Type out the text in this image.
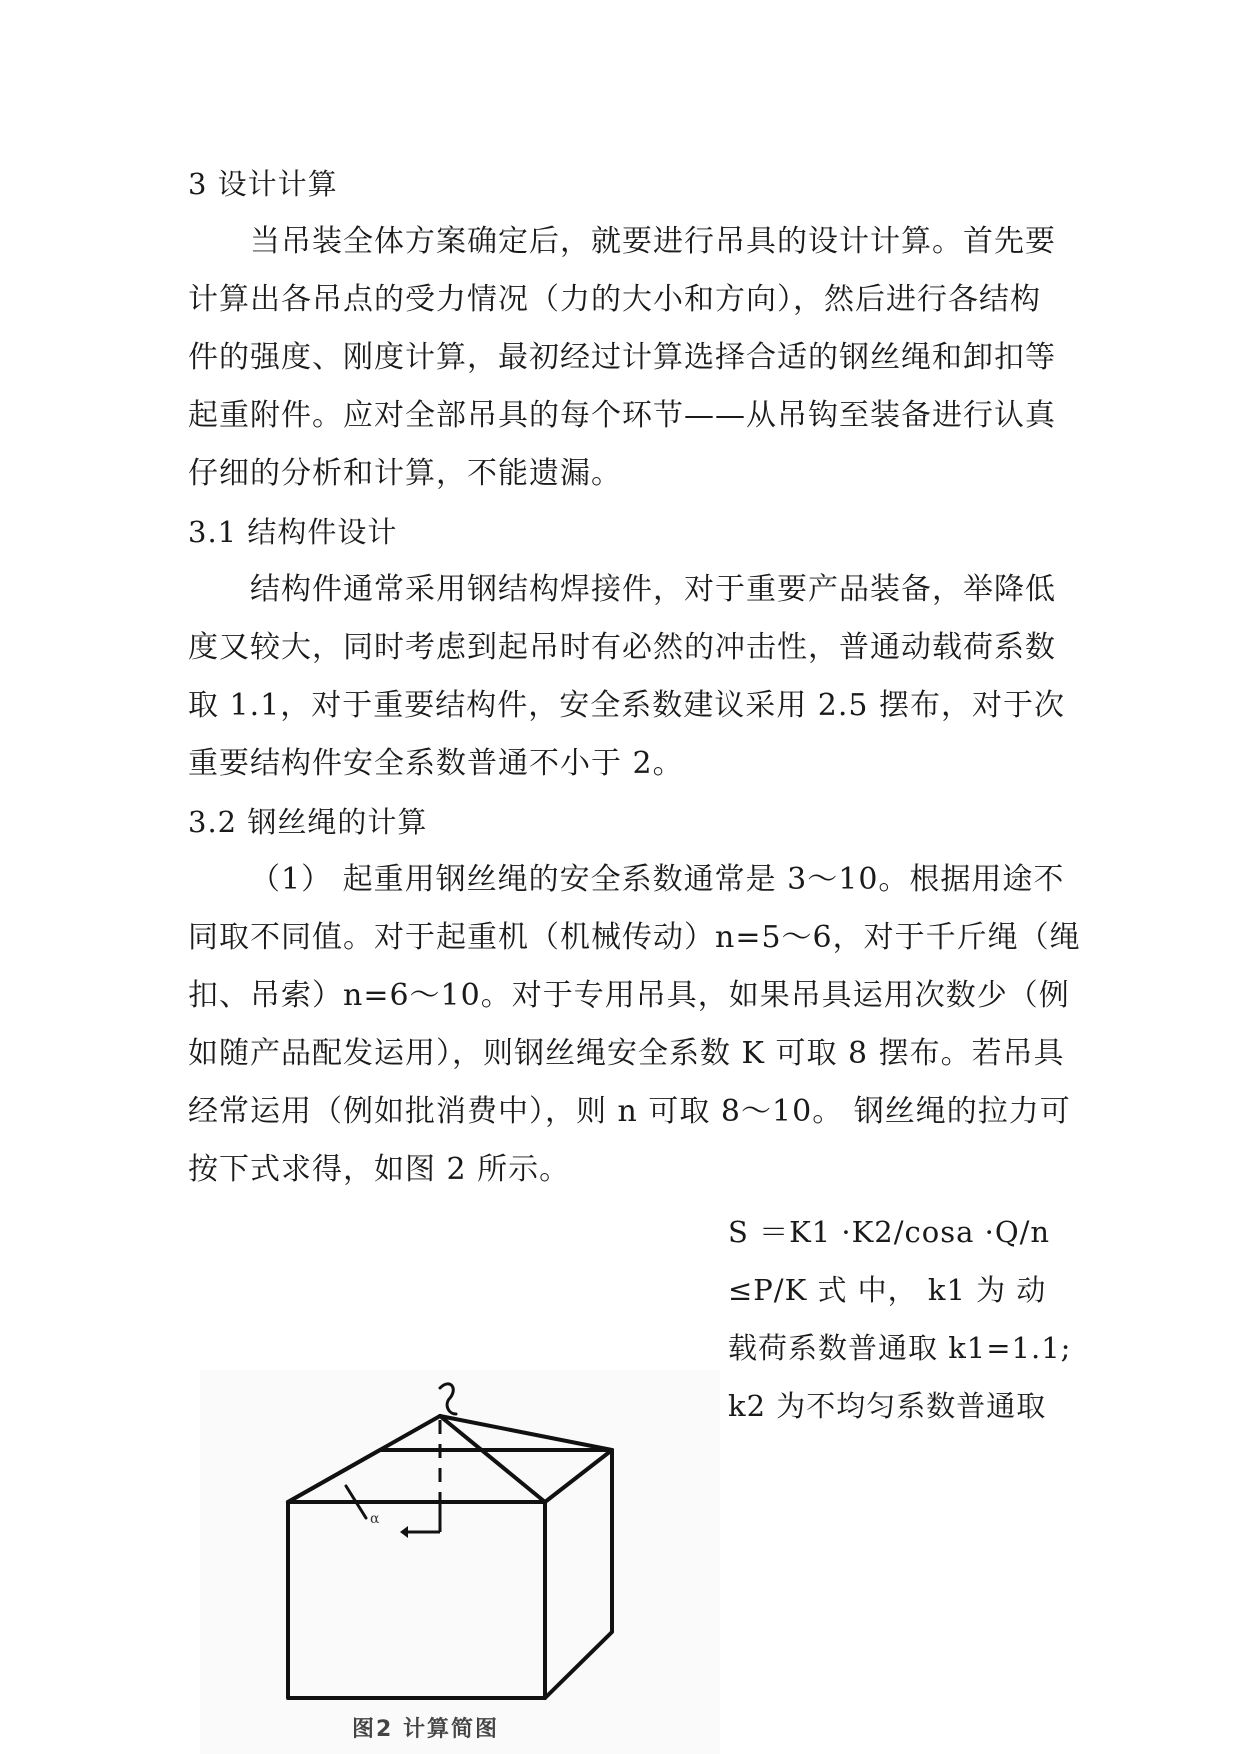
3 设计计算
当吊装全体方案确定后，就要进行吊具的设计计算。首先要
计算出各吊点的受力情况（力的大小和方向），然后进行各结构
件的强度、刚度计算，最初经过计算选择合适的钢丝绳和卸扣等
起重附件。应对全部吊具的每个环节——从吊钩至装备进行认真
仔细的分析和计算，不能遗漏。
3.1 结构件设计
结构件通常采用钢结构焊接件，对于重要产品装备，举降低
度又较大，同时考虑到起吊时有必然的冲击性，普通动载荷系数
取 1.1，对于重要结构件，安全系数建议采用 2.5 摆布，对于次
重要结构件安全系数普通不小于 2。
3.2 钢丝绳的计算
（1） 起重用钢丝绳的安全系数通常是 3～10。根据用途不
同取不同值。对于起重机（机械传动）n=5～6，对于千斤绳（绳
扣、吊索）n=6～10。对于专用吊具，如果吊具运用次数少（例
如随产品配发运用），则钢丝绳安全系数 K 可取 8 摆布。若吊具
经常运用（例如批消费中），则 n 可取 8～10。 钢丝绳的拉力可
按下式求得，如图 2 所示。
S ＝K1 ·K2/cosa ·Q/n
≤P/K 式 中， k1 为 动
载荷系数普通取 k1=1.1;
k2 为不均匀系数普通取
α
图2 计算简图
